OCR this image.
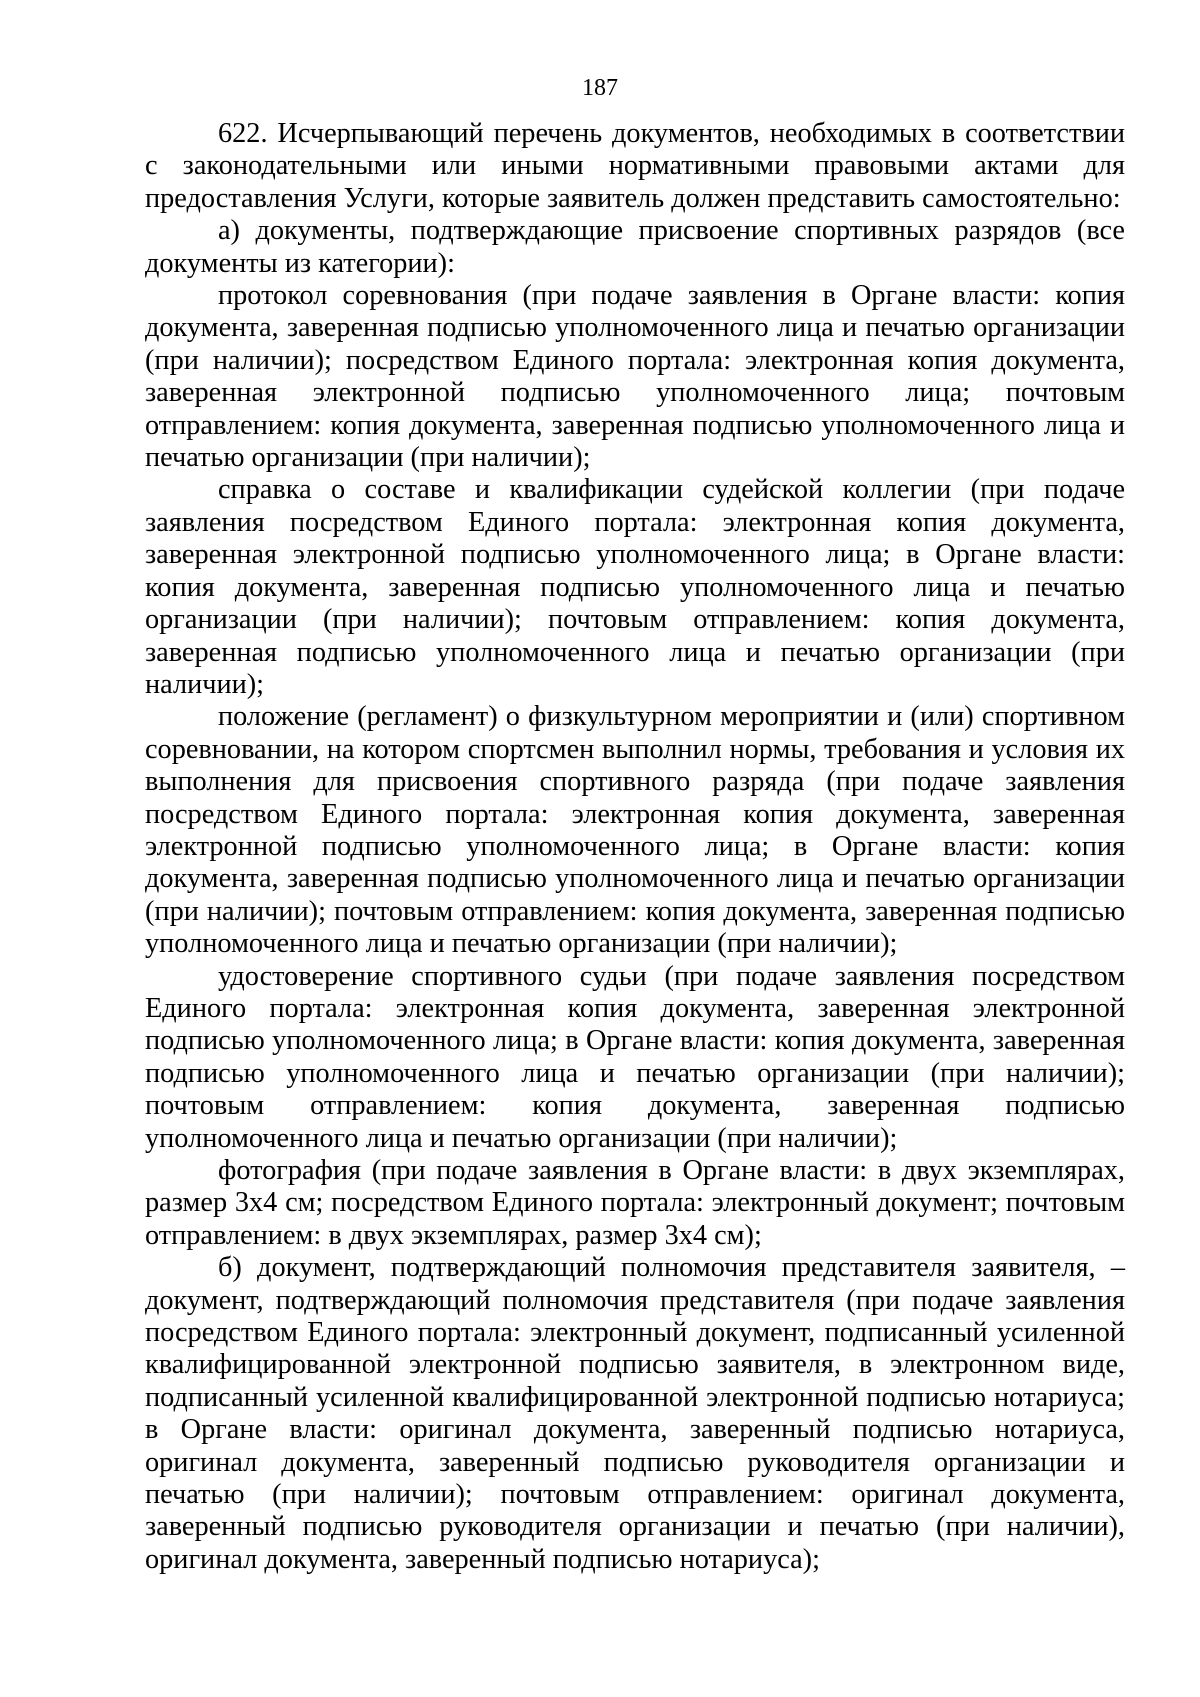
187

622. Исчерпывающий перечень документов, необходимых в соответствии с законодательными или иными нормативными правовыми актами для предоставления Услуги, которые заявитель должен представить самостоятельно:

а) документы, подтверждающие присвоение спортивных разрядов (все документы из категории):

протокол соревнования (при подаче заявления в Органе власти: копия документа, заверенная подписью уполномоченного лица и печатью организации (при наличии); посредством Единого портала: электронная копия документа, заверенная электронной подписью уполномоченного лица; почтовым отправлением: копия документа, заверенная подписью уполномоченного лица и печатью организации (при наличии);

справка о составе и квалификации судейской коллегии (при подаче заявления посредством Единого портала: электронная копия документа, заверенная электронной подписью уполномоченного лица; в Органе власти: копия документа, заверенная подписью уполномоченного лица и печатью организации (при наличии); почтовым отправлением: копия документа, заверенная подписью уполномоченного лица и печатью организации (при наличии);

положение (регламент) о физкультурном мероприятии и (или) спортивном соревновании, на котором спортсмен выполнил нормы, требования и условия их выполнения для присвоения спортивного разряда (при подаче заявления посредством Единого портала: электронная копия документа, заверенная электронной подписью уполномоченного лица; в Органе власти: копия документа, заверенная подписью уполномоченного лица и печатью организации (при наличии); почтовым отправлением: копия документа, заверенная подписью уполномоченного лица и печатью организации (при наличии);

удостоверение спортивного судьи (при подаче заявления посредством Единого портала: электронная копия документа, заверенная электронной подписью уполномоченного лица; в Органе власти: копия документа, заверенная подписью уполномоченного лица и печатью организации (при наличии); почтовым отправлением: копия документа, заверенная подписью уполномоченного лица и печатью организации (при наличии);

фотография (при подаче заявления в Органе власти: в двух экземплярах, размер 3х4 см; посредством Единого портала: электронный документ; почтовым отправлением: в двух экземплярах, размер 3х4 см);

б) документ, подтверждающий полномочия представителя заявителя, – документ, подтверждающий полномочия представителя (при подаче заявления посредством Единого портала: электронный документ, подписанный усиленной квалифицированной электронной подписью заявителя, в электронном виде, подписанный усиленной квалифицированной электронной подписью нотариуса; в Органе власти: оригинал документа, заверенный подписью нотариуса, оригинал документа, заверенный подписью руководителя организации и печатью (при наличии); почтовым отправлением: оригинал документа, заверенный подписью руководителя организации и печатью (при наличии), оригинал документа, заверенный подписью нотариуса);
